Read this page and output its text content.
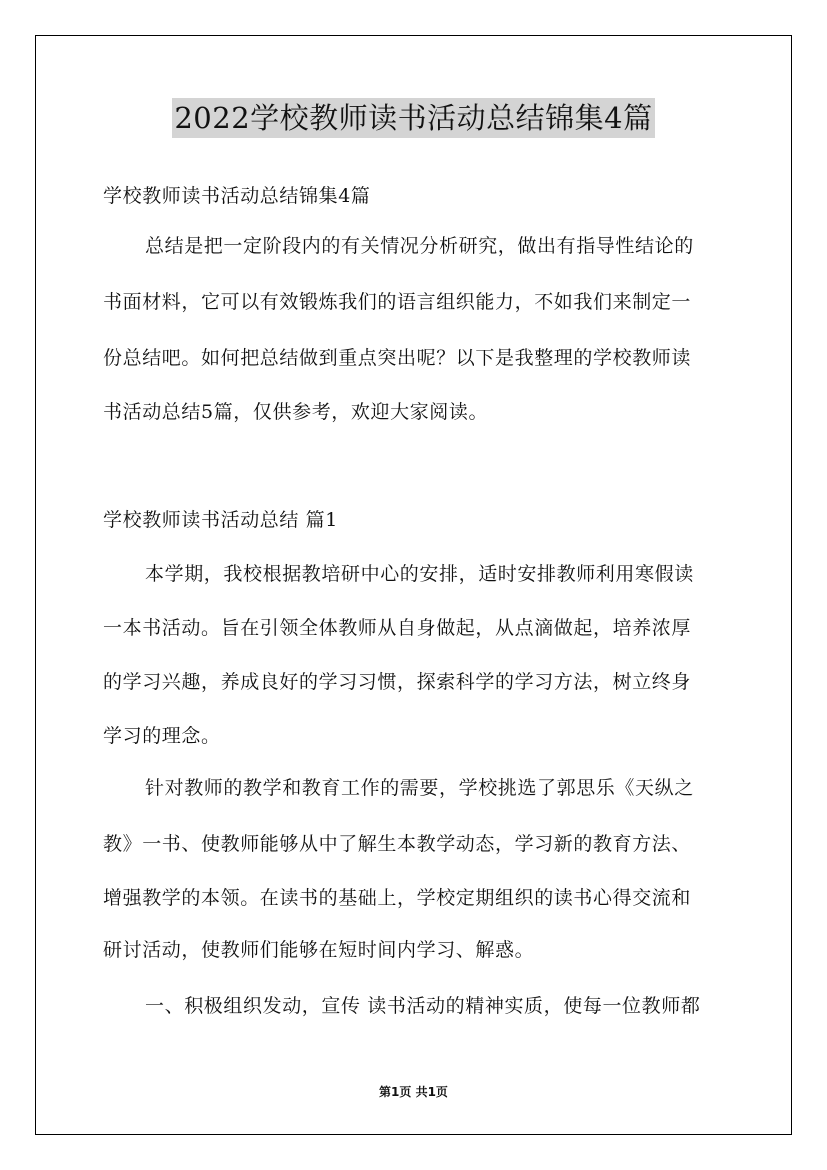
2022学校教师读书活动总结锦集4篇
学校教师读书活动总结锦集4篇
总结是把一定阶段内的有关情况分析研究，做出有指导性结论的
书面材料，它可以有效锻炼我们的语言组织能力，不如我们来制定一
份总结吧。如何把总结做到重点突出呢？以下是我整理的学校教师读
书活动总结5篇，仅供参考，欢迎大家阅读。
学校教师读书活动总结 篇1
本学期，我校根据教培研中心的安排，适时安排教师利用寒假读
一本书活动。旨在引领全体教师从自身做起，从点滴做起，培养浓厚
的学习兴趣，养成良好的学习习惯，探索科学的学习方法，树立终身
学习的理念。
针对教师的教学和教育工作的需要，学校挑选了郭思乐《天纵之
教》一书、使教师能够从中了解生本教学动态，学习新的教育方法、
增强教学的本领。在读书的基础上，学校定期组织的读书心得交流和
研讨活动，使教师们能够在短时间内学习、解惑。
一、积极组织发动，宣传 读书活动的精神实质，使每一位教师都
第1页 共1页
